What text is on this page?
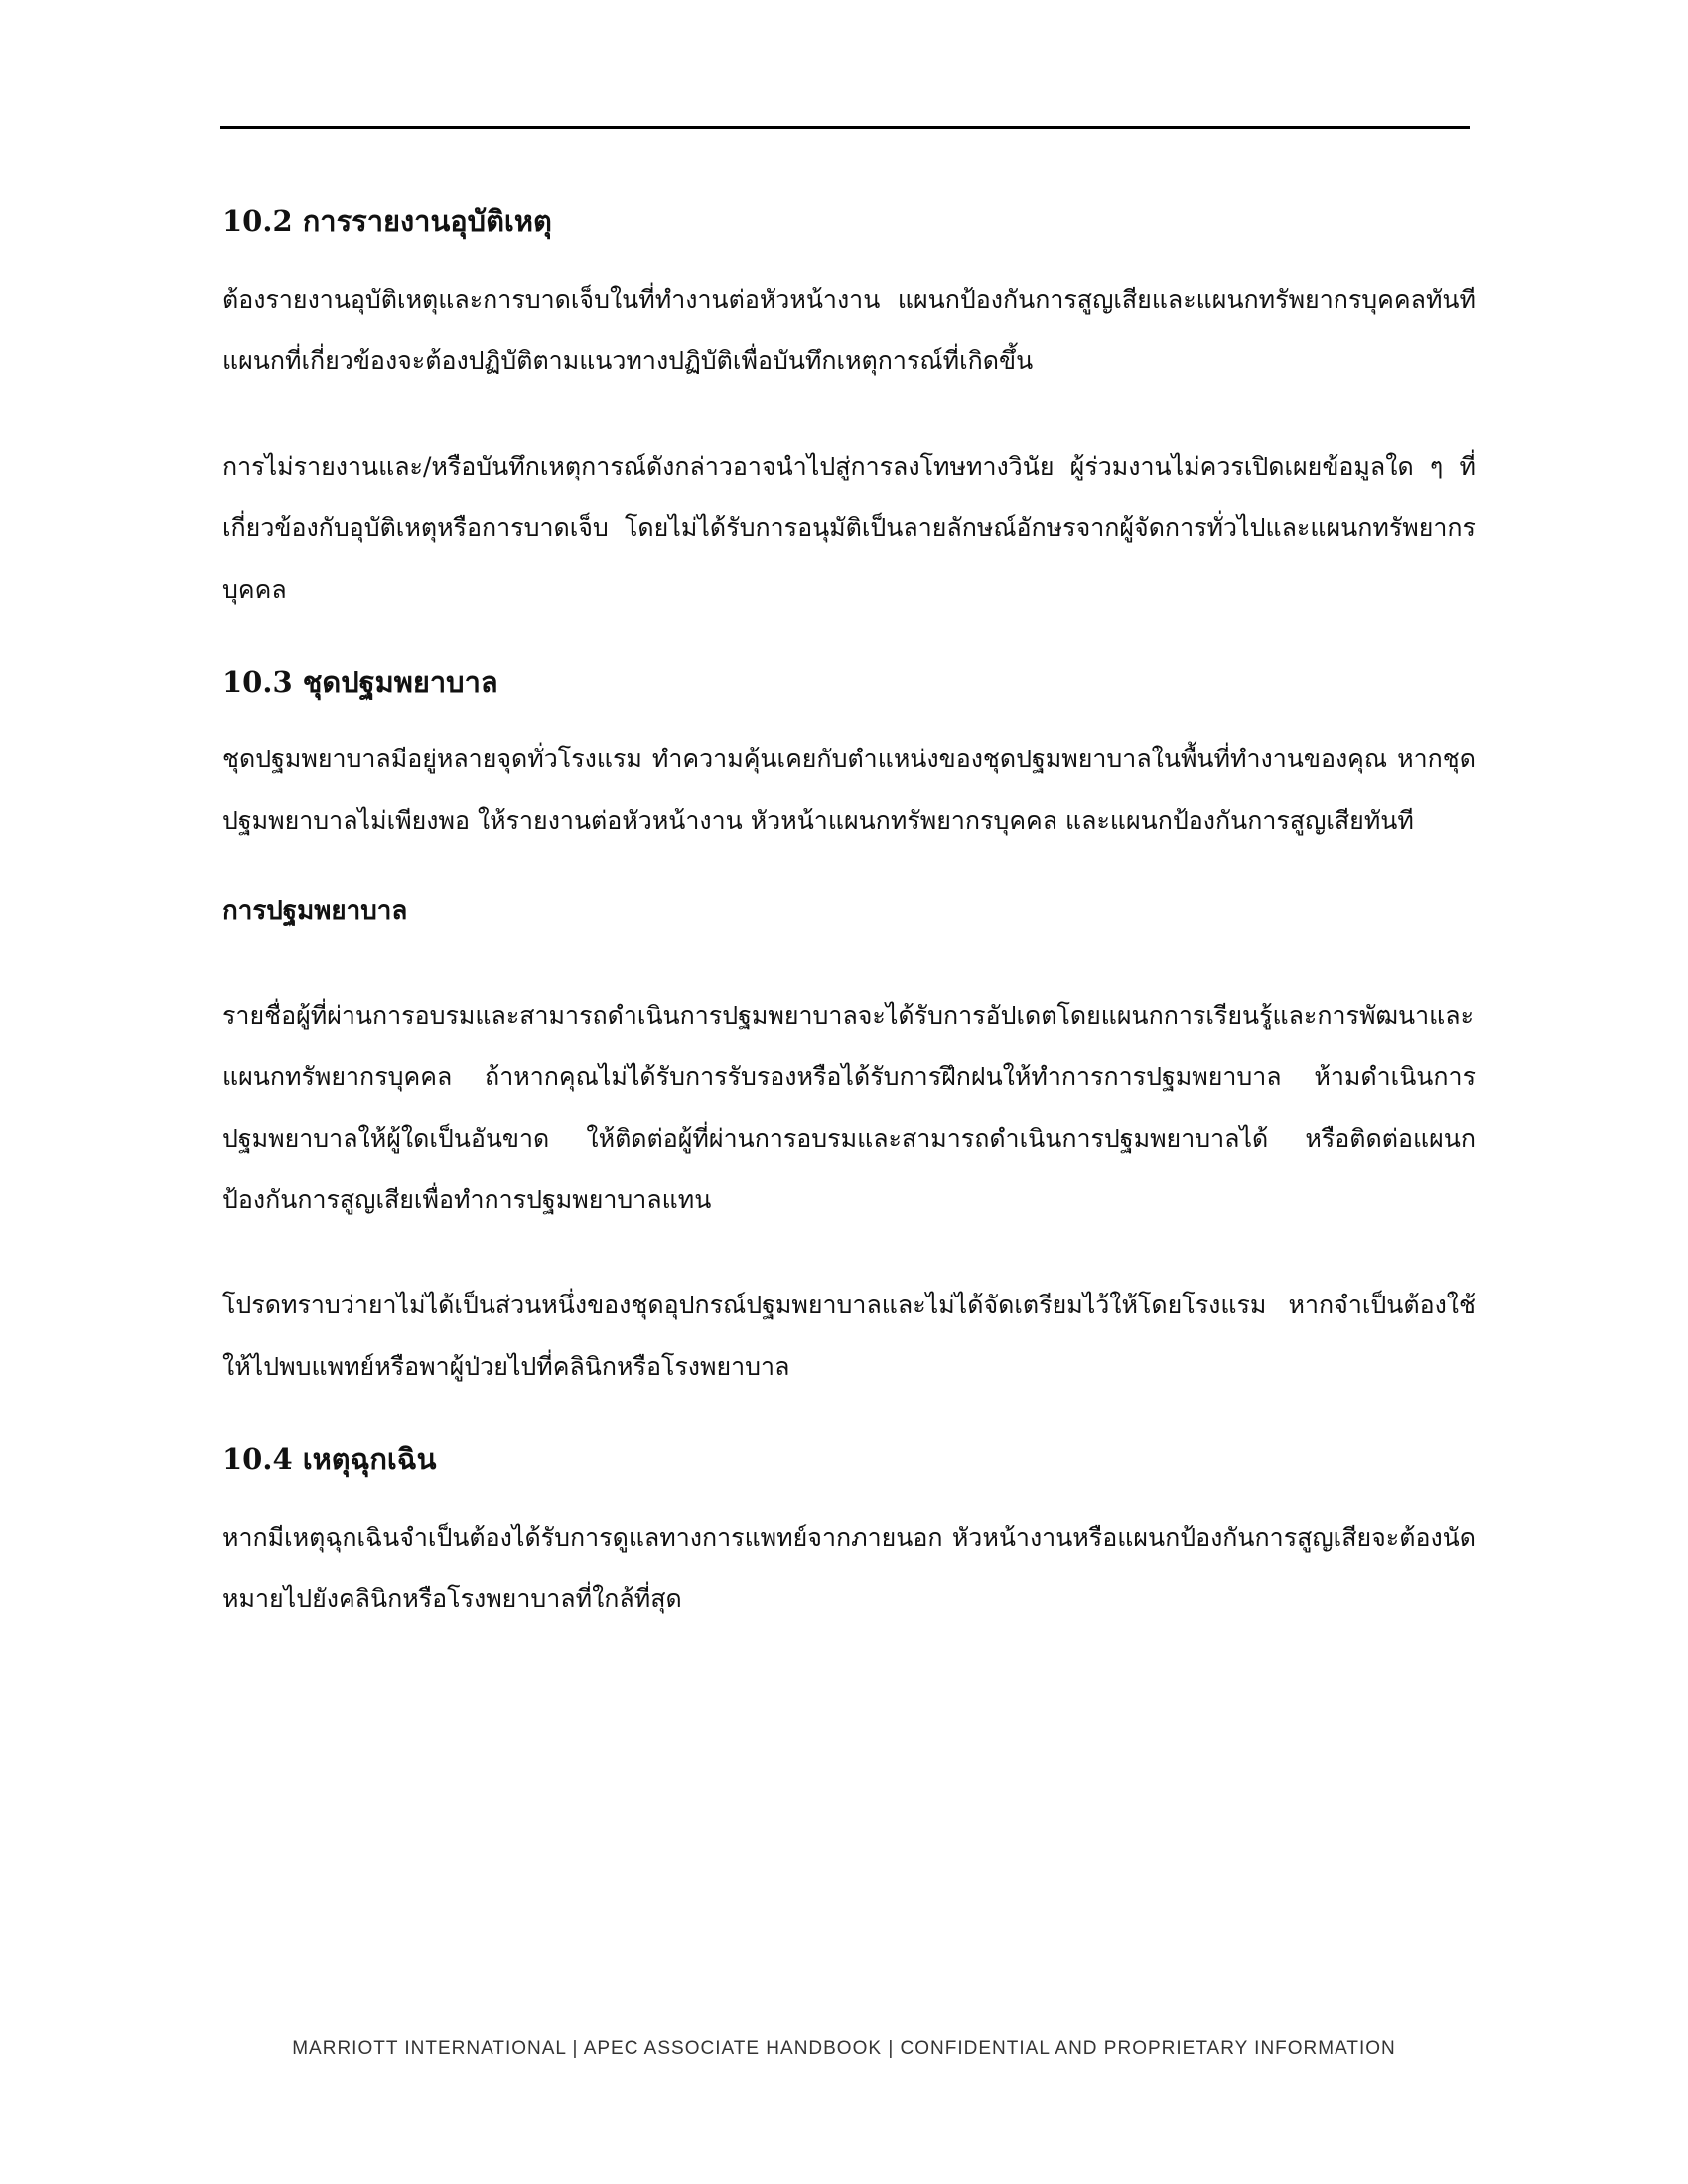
10.2 การรายงานอุบัติเหตุ

ต้องรายงานอุบัติเหตุและการบาดเจ็บในที่ทำงานต่อหัวหน้างาน แผนกป้องกันการสูญเสียและแผนกทรัพยากรบุคคลทันที แผนกที่เกี่ยวข้องจะต้องปฏิบัติตามแนวทางปฏิบัติเพื่อบันทึกเหตุการณ์ที่เกิดขึ้น

การไม่รายงานและ/หรือบันทึกเหตุการณ์ดังกล่าวอาจนำไปสู่การลงโทษทางวินัย ผู้ร่วมงานไม่ควรเปิดเผยข้อมูลใด ๆ ที่เกี่ยวข้องกับอุบัติเหตุหรือการบาดเจ็บ โดยไม่ได้รับการอนุมัติเป็นลายลักษณ์อักษรจากผู้จัดการทั่วไปและแผนกทรัพยากรบุคคล

10.3 ชุดปฐมพยาบาล

ชุดปฐมพยาบาลมีอยู่หลายจุดทั่วโรงแรม ทำความคุ้นเคยกับตำแหน่งของชุดปฐมพยาบาลในพื้นที่ทำงานของคุณ หากชุดปฐมพยาบาลไม่เพียงพอ ให้รายงานต่อหัวหน้างาน หัวหน้าแผนกทรัพยากรบุคคล และแผนกป้องกันการสูญเสียทันที

การปฐมพยาบาล

รายชื่อผู้ที่ผ่านการอบรมและสามารถดำเนินการปฐมพยาบาลจะได้รับการอัปเดตโดยแผนกการเรียนรู้และการพัฒนาและแผนกทรัพยากรบุคคล ถ้าหากคุณไม่ได้รับการรับรองหรือได้รับการฝึกฝนให้ทำการการปฐมพยาบาล ห้ามดำเนินการปฐมพยาบาลให้ผู้ใดเป็นอันขาด ให้ติดต่อผู้ที่ผ่านการอบรมและสามารถดำเนินการปฐมพยาบาลได้ หรือติดต่อแผนกป้องกันการสูญเสียเพื่อทำการปฐมพยาบาลแทน

โปรดทราบว่ายาไม่ได้เป็นส่วนหนึ่งของชุดอุปกรณ์ปฐมพยาบาลและไม่ได้จัดเตรียมไว้ให้โดยโรงแรม หากจำเป็นต้องใช้ให้ไปพบแพทย์หรือพาผู้ป่วยไปที่คลินิกหรือโรงพยาบาล

10.4 เหตุฉุกเฉิน

หากมีเหตุฉุกเฉินจำเป็นต้องได้รับการดูแลทางการแพทย์จากภายนอก หัวหน้างานหรือแผนกป้องกันการสูญเสียจะต้องนัดหมายไปยังคลินิกหรือโรงพยาบาลที่ใกล้ที่สุด

MARRIOTT INTERNATIONAL | APEC ASSOCIATE HANDBOOK | CONFIDENTIAL AND PROPRIETARY INFORMATION
